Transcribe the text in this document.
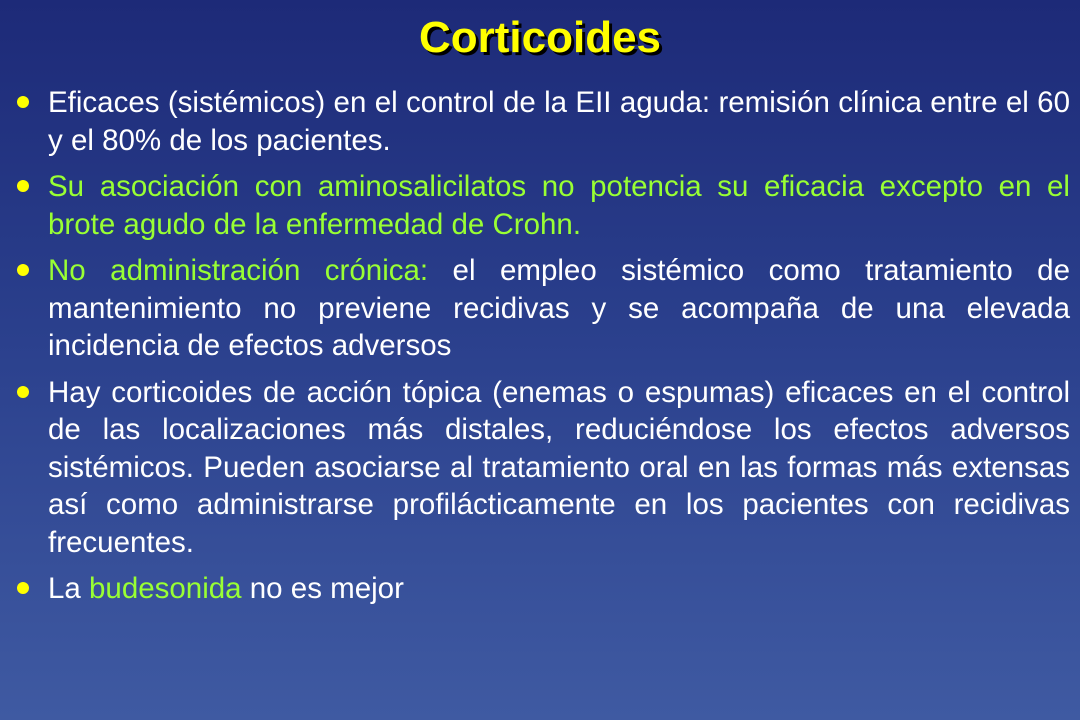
Corticoides
Eficaces (sistémicos) en el control de la EII aguda: remisión clínica entre el 60 y el 80% de los pacientes.
Su asociación con aminosalicilatos no potencia su eficacia excepto en el brote agudo de la enfermedad de Crohn.
No administración crónica: el empleo sistémico como tratamiento de mantenimiento no previene recidivas y se acompaña de una elevada incidencia de efectos adversos
Hay corticoides de acción tópica (enemas o espumas) eficaces en el control de las localizaciones más distales, reduciéndose los efectos adversos sistémicos. Pueden asociarse al tratamiento oral en las formas más extensas así como administrarse profilácticamente en los pacientes con recidivas frecuentes.
La budesonida no es mejor
